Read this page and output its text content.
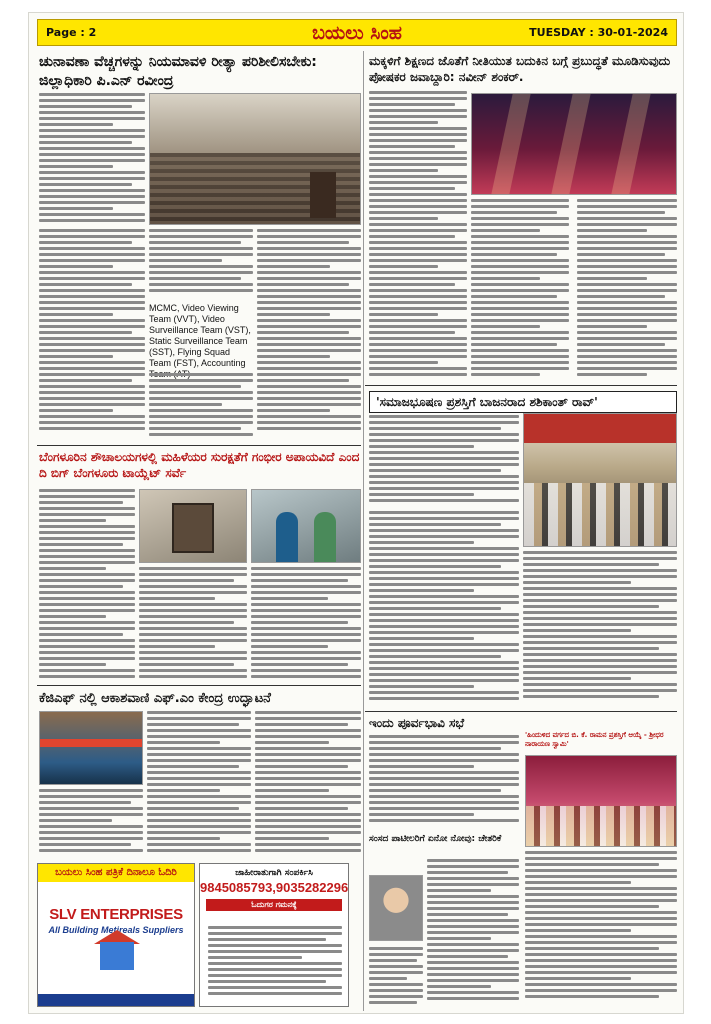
Page : 2	ಬಯಲು ಸಿಂಹ	TUESDAY : 30-01-2024
ಚುನಾವಣಾ ವೆಚ್ಚಗಳನ್ನು ನಿಯಮಾವಳಿ ರೀತ್ಯಾ ಪರಿಶೀಲಿಸಬೇಕು: ಜಿಲ್ಲಾಧಿಕಾರಿ ಪಿ.ಎನ್ ರವೀಂದ್ರ
MCMC, Video Viewing Team (VVT), Video Surveillance Team (VST), Static Surveillance Team (SST), Flying Squad Team (FST), Accounting
ಮಕ್ಕಳಿಗೆ ಶಿಕ್ಷಣದ ಜೊತೆಗೆ ನೀತಿಯುತ ಬದುಕಿನ ಬಗ್ಗೆ ಪ್ರಬುದ್ಧತೆ ಮೂಡಿಸುವುದು ಪೋಷಕರ ಜವಾಬ್ದಾರಿ: ನವೀನ್ ಶಂಕರ್.
'ಸಮಾಜಭೂಷಣ ಪ್ರಶಸ್ತಿಗೆ ಬಾಜನರಾದ ಶಶಿಕಾಂತ್ ರಾವ್'
ಇಂದು ಪೂರ್ವಭಾವಿ ಸಭೆ
'ಹಿಂದುಳಿದ ವರ್ಗದ ಬಿ. ಕೆ. ರಾಮನ ಪ್ರಶಸ್ತಿಗೆ ಆಯ್ಕೆ - ಶ್ರೀಧರ ನಾರಾಯಣ ಸ್ವಾಮಿ'
ಸಂಸದ ಪಾಟೀಲರಿಗೆ ಏನೋ ನೋವು: ಚೇತರಿಕೆ
ಬೆಂಗಳೂರಿನ ಶೌಚಾಲಯಗಳಲ್ಲಿ ಮಹಿಳೆಯರ ಸುರಕ್ಷತೆಗೆ ಗಂಭೀರ ಅಪಾಯವಿದೆ ಎಂದ ದಿ ಬಿಗ್ ಬೆಂಗಳೂರು ಟಾಯ್ಲೆಟ್ ಸರ್ವೆ
ಕೆಜಿಎಫ್ ನಲ್ಲಿ ಆಕಾಶವಾಣಿ ಎಫ್.ಎಂ ಕೇಂದ್ರ ಉದ್ಘಾಟನೆ
ಬಯಲು ಸಿಂಹ ಪತ್ರಿಕೆ ದಿನಾಲೂ ಓದಿರಿ
SLV ENTERPRISES
All Building Metireals Suppliers
ಜಾಹೀರಾತುಗಾಗಿ ಸಂಪರ್ಕಿಸಿ
9845085793,9035282296
ಓದುಗರ ಗಮನಕ್ಕೆ
